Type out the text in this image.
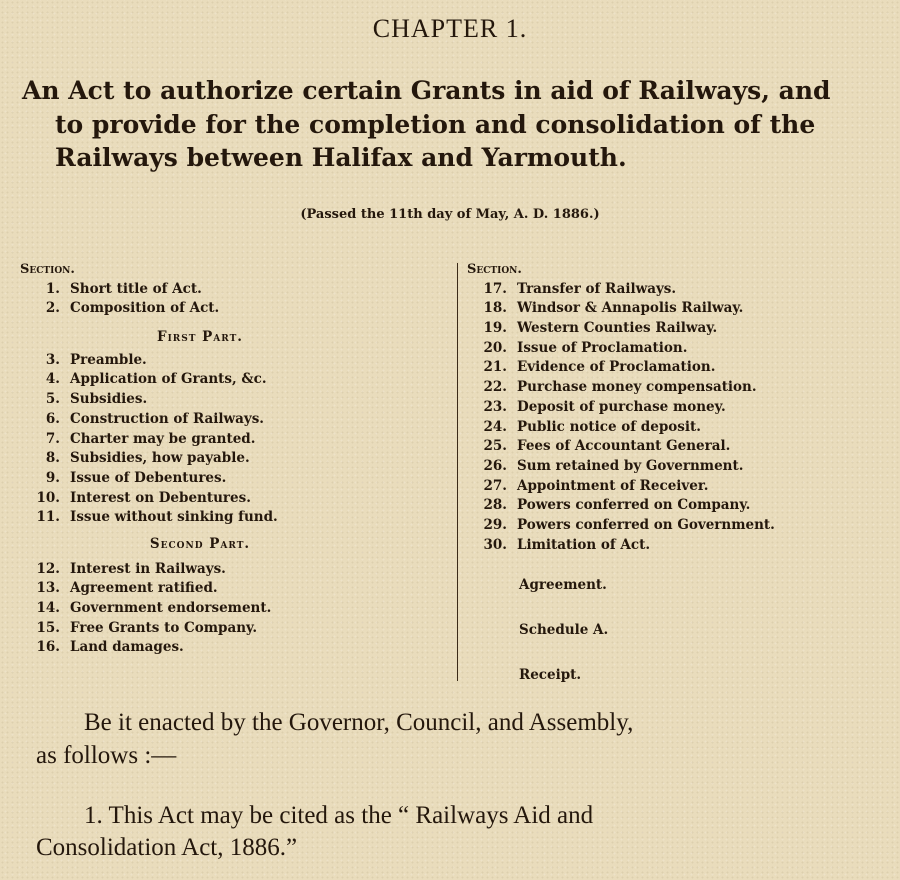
CHAPTER 1.
An Act to authorize certain Grants in aid of Railways, and
to provide for the completion and consolidation of the
Railways between Halifax and Yarmouth.
(Passed the 11th day of May, A. D. 1886.)
Section.
1. Short title of Act.
2. Composition of Act.
First Part.
3. Preamble.
4. Application of Grants, &c.
5. Subsidies.
6. Construction of Railways.
7. Charter may be granted.
8. Subsidies, how payable.
9. Issue of Debentures.
10. Interest on Debentures.
11. Issue without sinking fund.
Second Part.
12. Interest in Railways.
13. Agreement ratified.
14. Government endorsement.
15. Free Grants to Company.
16. Land damages.
Section.
17. Transfer of Railways.
18. Windsor & Annapolis Railway.
19. Western Counties Railway.
20. Issue of Proclamation.
21. Evidence of Proclamation.
22. Purchase money compensation.
23. Deposit of purchase money.
24. Public notice of deposit.
25. Fees of Accountant General.
26. Sum retained by Government.
27. Appointment of Receiver.
28. Powers conferred on Company.
29. Powers conferred on Government.
30. Limitation of Act.
Agreement.
Schedule A.
Receipt.
Be it enacted by the Governor, Council, and Assembly,
as follows :—
1. This Act may be cited as the “ Railways Aid and
Consolidation Act, 1886.”
